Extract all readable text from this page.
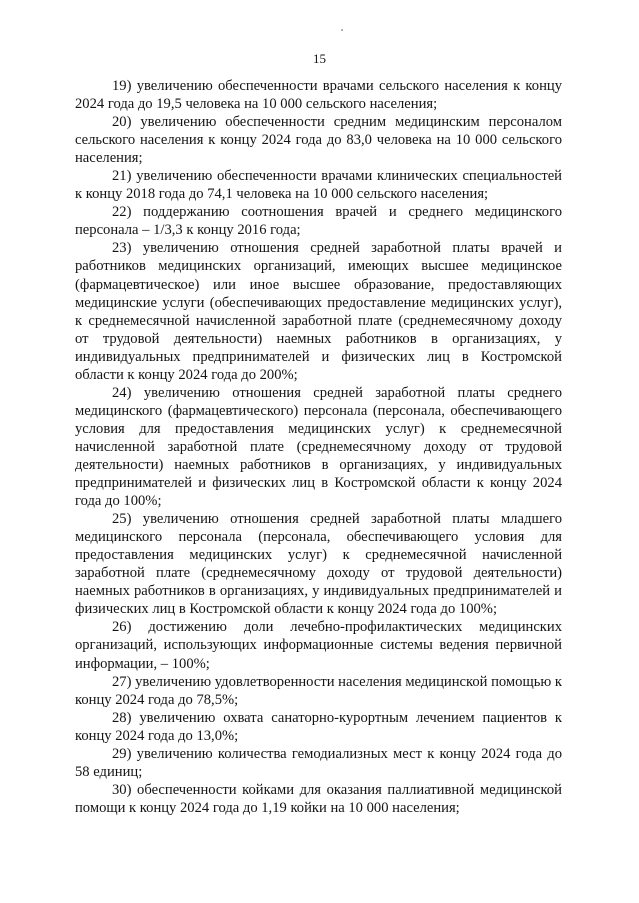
15

19) увеличению обеспеченности врачами сельского населения к концу 2024 года до 19,5 человека на 10 000 сельского населения;

20) увеличению обеспеченности средним медицинским персоналом сельского населения к концу 2024 года до 83,0 человека на 10 000 сельского населения;

21) увеличению обеспеченности врачами клинических специальностей к концу 2018 года до 74,1 человека на 10 000 сельского населения;

22) поддержанию соотношения врачей и среднего медицинского персонала – 1/3,3 к концу 2016 года;

23) увеличению отношения средней заработной платы врачей и работников медицинских организаций, имеющих высшее медицинское (фармацевтическое) или иное высшее образование, предоставляющих медицинские услуги (обеспечивающих предоставление медицинских услуг), к среднемесячной начисленной заработной плате (среднемесячному доходу от трудовой деятельности) наемных работников в организациях, у индивидуальных предпринимателей и физических лиц в Костромской области к концу 2024 года до 200%;

24) увеличению отношения средней заработной платы среднего медицинского (фармацевтического) персонала (персонала, обеспечивающего условия для предоставления медицинских услуг) к среднемесячной начисленной заработной плате (среднемесячному доходу от трудовой деятельности) наемных работников в организациях, у индивидуальных предпринимателей и физических лиц в Костромской области к концу 2024 года до 100%;

25) увеличению отношения средней заработной платы младшего медицинского персонала (персонала, обеспечивающего условия для предоставления медицинских услуг) к среднемесячной начисленной заработной плате (среднемесячному доходу от трудовой деятельности) наемных работников в организациях, у индивидуальных предпринимателей и физических лиц в Костромской области к концу 2024 года до 100%;

26) достижению доли лечебно-профилактических медицинских организаций, использующих информационные системы ведения первичной информации, – 100%;

27) увеличению удовлетворенности населения медицинской помощью к концу 2024 года до 78,5%;

28) увеличению охвата санаторно-курортным лечением пациентов к концу 2024 года до 13,0%;

29) увеличению количества гемодиализных мест к концу 2024 года до 58 единиц;

30) обеспеченности койками для оказания паллиативной медицинской помощи к концу 2024 года до 1,19 койки на 10 000 населения;
